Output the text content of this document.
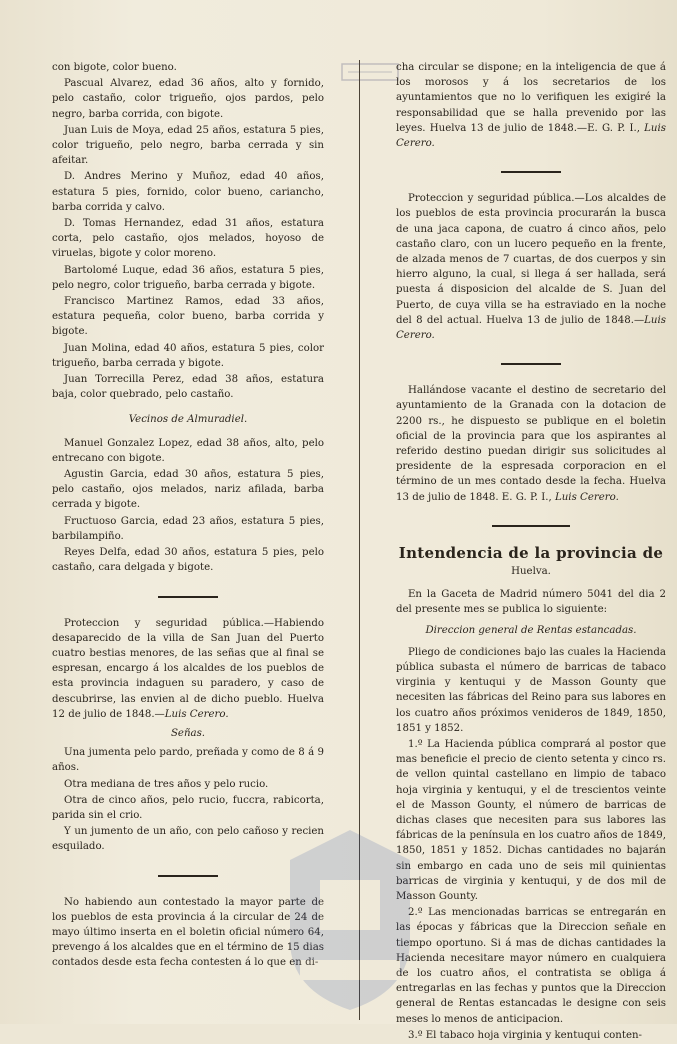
con bigote, color bueno.

Pascual Alvarez, edad 36 años, alto y fornido, pelo castaño, color trigueño, ojos pardos, pelo negro, barba corrida, con bigote.

Juan Luis de Moya, edad 25 años, estatura 5 pies, color trigueño, pelo negro, barba cerrada y sin afeitar.

D. Andres Merino y Muñoz, edad 40 años, estatura 5 pies, fornido, color bueno, cariancho, barba corrida y calvo.

D. Tomas Hernandez, edad 31 años, estatura corta, pelo castaño, ojos melados, hoyoso de viruelas, bigote y color moreno.

Bartolomé Luque, edad 36 años, estatura 5 pies, pelo negro, color trigueño, barba cerrada y bigote.

Francisco Martinez Ramos, edad 33 años, estatura pequeña, color bueno, barba corrida y bigote.

Juan Molina, edad 40 años, estatura 5 pies, color trigueño, barba cerrada y bigote.

Juan Torrecilla Perez, edad 38 años, estatura baja, color quebrado, pelo castaño.

Vecinos de Almuradiel.

Manuel Gonzalez Lopez, edad 38 años, alto, pelo entrecano con bigote.

Agustin Garcia, edad 30 años, estatura 5 pies, pelo castaño, ojos melados, nariz afilada, barba cerrada y bigote.

Fructuoso Garcia, edad 23 años, estatura 5 pies, barbilampiño.

Reyes Delfa, edad 30 años, estatura 5 pies, pelo castaño, cara delgada y bigote.

Proteccion y seguridad pública.—Habiendo desaparecido de la villa de San Juan del Puerto cuatro bestias menores, de las señas que al final se espresan, encargo á los alcaldes de los pueblos de esta provincia indaguen su paradero, y caso de descubrirse, las envien al de dicho pueblo. Huelva 12 de julio de 1848.—Luis Cerero.

Señas.

Una jumenta pelo pardo, preñada y como de 8 á 9 años.

Otra mediana de tres años y pelo rucio.

Otra de cinco años, pelo rucio, fuccra, rabicorta, parida sin el crio.

Y un jumento de un año, con pelo cañoso y recien esquilado.

No habiendo aun contestado la mayor parte de los pueblos de esta provincia á la circular de 24 de mayo último inserta en el boletin oficial número 64, prevengo á los alcaldes que en el término de 15 dias contados desde esta fecha contesten á lo que en di-

cha circular se dispone; en la inteligencia de que á los morosos y á los secretarios de los ayuntamientos que no lo verifiquen les exigiré la responsabilidad que se halla prevenido por las leyes. Huelva 13 de julio de 1848.—E. G. P. I., Luis Cerero.

Proteccion y seguridad pública.—Los alcaldes de los pueblos de esta provincia procurarán la busca de una jaca capona, de cuatro á cinco años, pelo castaño claro, con un lucero pequeño en la frente, de alzada menos de 7 cuartas, de dos cuerpos y sin hierro alguno, la cual, si llega á ser hallada, será puesta á disposicion del alcalde de S. Juan del Puerto, de cuya villa se ha estraviado en la noche del 8 del actual. Huelva 13 de julio de 1848.—Luis Cerero.

Hallándose vacante el destino de secretario del ayuntamiento de la Granada con la dotacion de 2200 rs., he dispuesto se publique en el boletin oficial de la provincia para que los aspirantes al referido destino puedan dirigir sus solicitudes al presidente de la espresada corporacion en el término de un mes contado desde la fecha. Huelva 13 de julio de 1848. E. G. P. I., Luis Cerero.

Intendencia de la provincia de
Huelva.

En la Gaceta de Madrid número 5041 del dia 2 del presente mes se publica lo siguiente:

Direccion general de Rentas estancadas.

Pliego de condiciones bajo las cuales la Hacienda pública subasta el número de barricas de tabaco virginia y kentuqui y de Masson Gounty que necesiten las fábricas del Reino para sus labores en los cuatro años próximos venideros de 1849, 1850, 1851 y 1852.

1.º La Hacienda pública comprará al postor que mas beneficie el precio de ciento setenta y cinco rs. de vellon quintal castellano en limpio de tabaco hoja virginia y kentuqui, y el de trescientos veinte el de Masson Gounty, el número de barricas de dichas clases que necesiten para sus labores las fábricas de la península en los cuatro años de 1849, 1850, 1851 y 1852. Dichas cantidades no bajarán sin embargo en cada uno de seis mil quinientas barricas de virginia y kentuqui, y de dos mil de Masson Gounty.

2.º Las mencionadas barricas se entregarán en las épocas y fábricas que la Direccion señale en tiempo oportuno. Si á mas de dichas cantidades la Hacienda necesitare mayor número en cualquiera de los cuatro años, el contratista se obliga á entregarlas en las fechas y puntos que la Direccion general de Rentas estancadas le designe con seis meses lo menos de anticipacion.

3.º El tabaco hoja virginia y kentuqui conten-
